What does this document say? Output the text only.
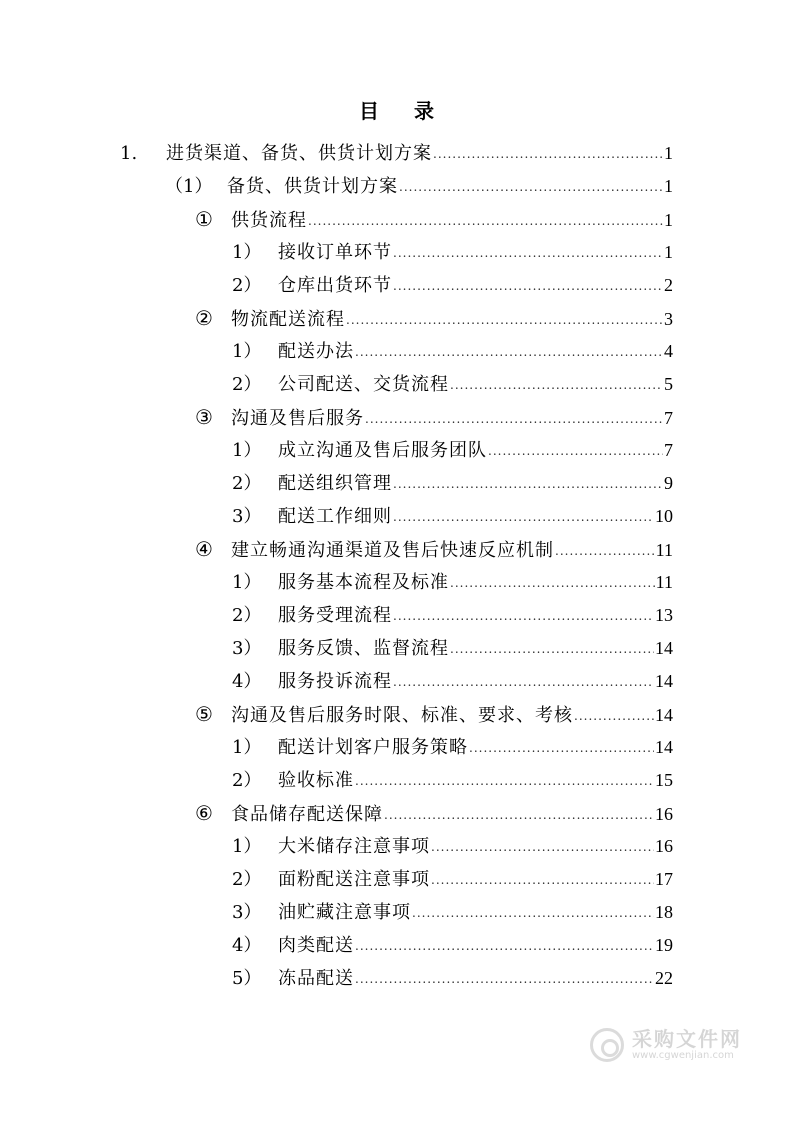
目 录
1.	进货渠道、备货、供货计划方案 .....	1
（1） 备货、供货计划方案 .....	1
①	供货流程 .....	1
1） 接收订单环节 .....	1
2） 仓库出货环节 .....	2
②	物流配送流程 .....	3
1） 配送办法 .....	4
2） 公司配送、交货流程 .....	5
③	沟通及售后服务 .....	7
1） 成立沟通及售后服务团队 .....	7
2） 配送组织管理 .....	9
3） 配送工作细则 .....	10
④	建立畅通沟通渠道及售后快速反应机制 .....	11
1） 服务基本流程及标准 .....	11
2） 服务受理流程 .....	13
3） 服务反馈、监督流程 .....	14
4） 服务投诉流程 .....	14
⑤	沟通及售后服务时限、标准、要求、考核 .....	14
1） 配送计划客户服务策略 .....	14
2） 验收标准 .....	15
⑥	食品储存配送保障 .....	16
1） 大米储存注意事项 .....	16
2） 面粉配送注意事项 .....	17
3） 油贮藏注意事项 .....	18
4） 肉类配送 .....	19
5） 冻品配送 .....	22
采购文件网
www.cgwenjian.com
